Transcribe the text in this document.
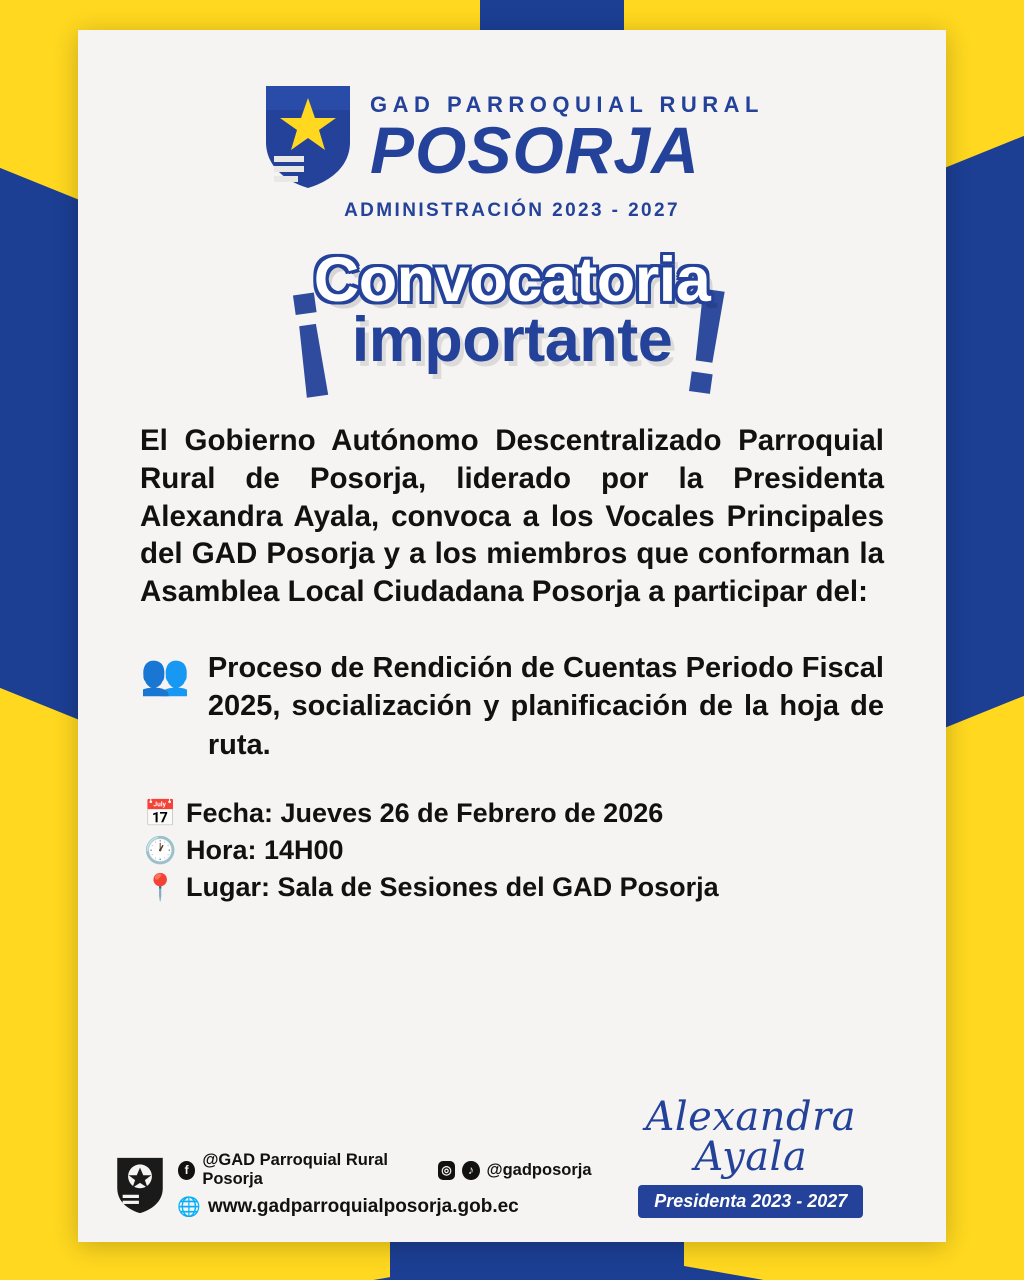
GAD PARROQUIAL RURAL
POSORJA
ADMINISTRACIÓN 2023 - 2027
¡ !
Convocatoria
importante
El Gobierno Autónomo Descentralizado Parroquial Rural de Posorja, liderado por la Presidenta Alexandra Ayala, convoca a los Vocales Principales del GAD Posorja y a los miembros que conforman la Asamblea Local Ciudadana Posorja a participar del:
👥 Proceso de Rendición de Cuentas Periodo Fiscal 2025, socialización y planificación de la hoja de ruta.
📅 Fecha: Jueves 26 de Febrero de 2026
🕐 Hora: 14H00
📍 Lugar: Sala de Sesiones del GAD Posorja
f
@GAD Parroquial Rural Posorja	◎	♪ @gadposorja
🌐 www.gadparroquialposorja.gob.ec
Alexandra Ayala
Presidenta 2023 - 2027
